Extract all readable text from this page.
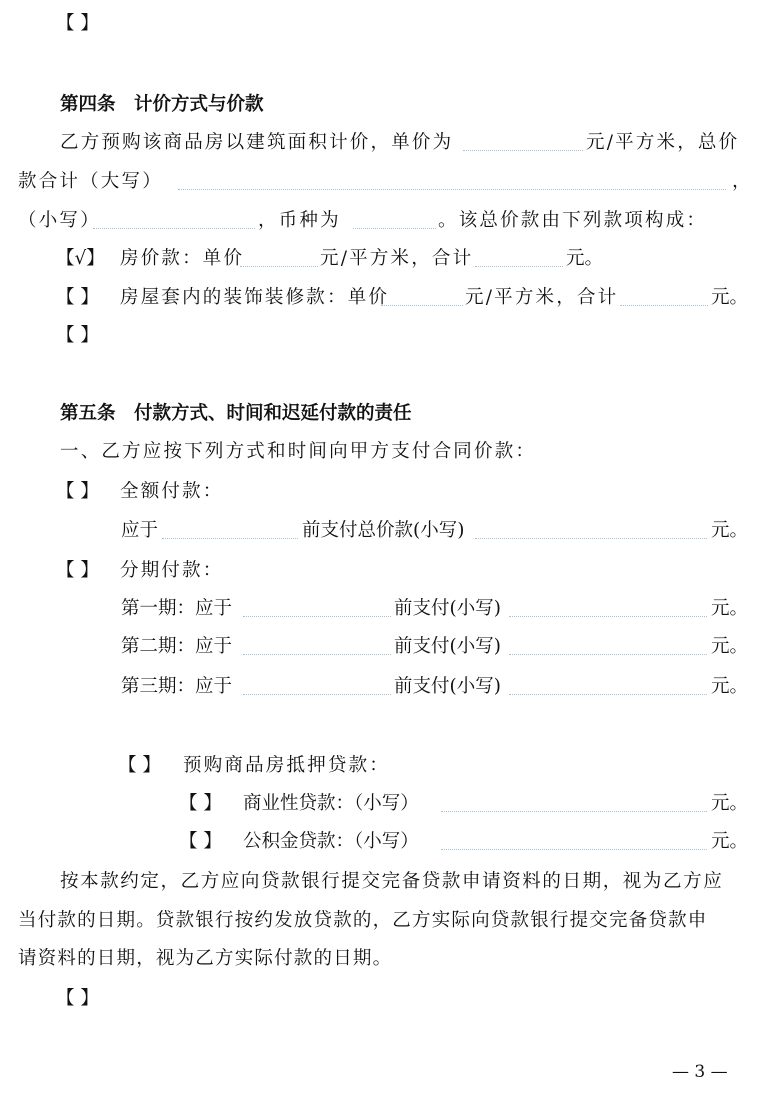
【 】
第四条　计价方式与价款
乙方预购该商品房以建筑面积计价，单价为	元/平方米，总价
款合计（大写）	，
（小写）	，币种为	。该总价款由下列款项构成：
【√】 房价款：单价	元/平方米，合计	元。
【 】 房屋套内的装饰装修款：单价	元/平方米，合计	元。
【 】
第五条　付款方式、时间和迟延付款的责任
一、乙方应按下列方式和时间向甲方支付合同价款：
【 】 全额付款：
应于	前支付总价款(小写)	元。
【 】 分期付款：
第一期：应于	前支付(小写)	元。
第二期：应于	前支付(小写)	元。
第三期：应于	前支付(小写)	元。
【 】 预购商品房抵押贷款：
【 】 商业性贷款：（小写）	元。
【 】 公积金贷款：（小写）	元。
按本款约定，乙方应向贷款银行提交完备贷款申请资料的日期，视为乙方应
当付款的日期。贷款银行按约发放贷款的，乙方实际向贷款银行提交完备贷款申
请资料的日期，视为乙方实际付款的日期。
【 】
— 3 —
